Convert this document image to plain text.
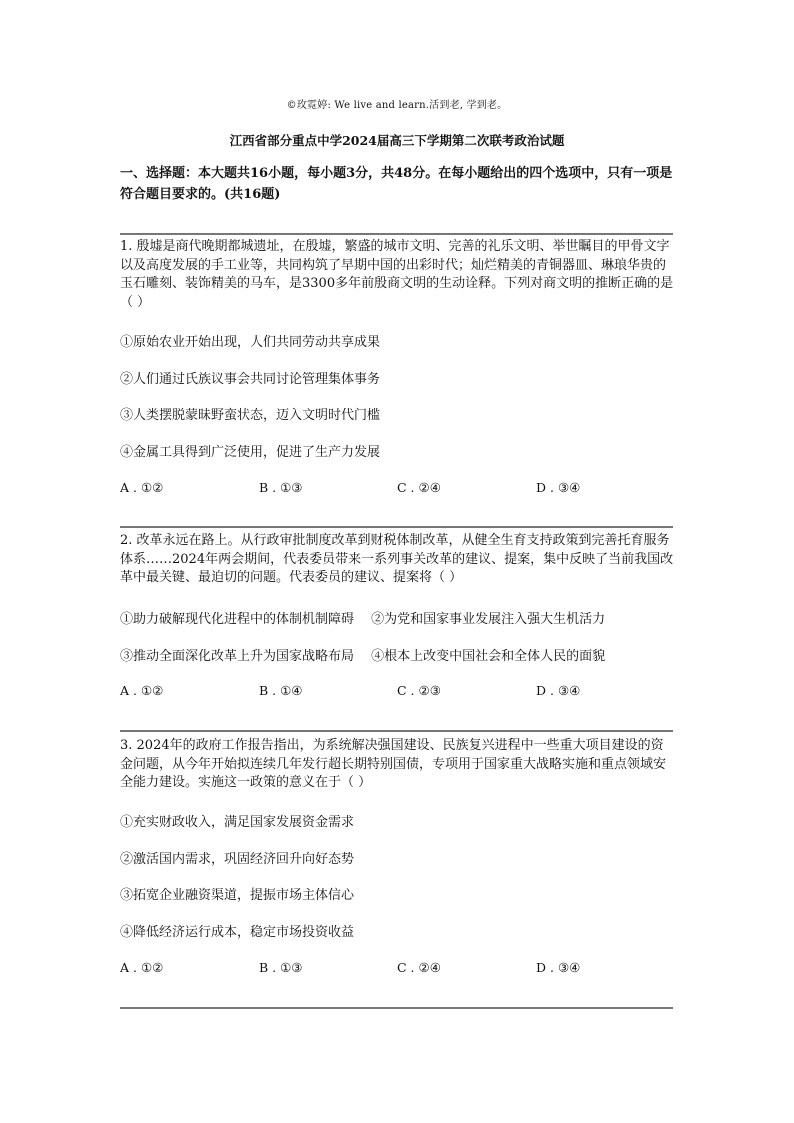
©玫霓婷: We live and learn.活到老, 学到老。
江西省部分重点中学2024届高三下学期第二次联考政治试题
一、选择题：本大题共16小题，每小题3分，共48分。在每小题给出的四个选项中，只有一项是符合题目要求的。(共16题)
1. 殷墟是商代晚期都城遗址，在殷墟，繁盛的城市文明、完善的礼乐文明、举世瞩目的甲骨文字以及高度发展的手工业等，共同构筑了早期中国的出彩时代；灿烂精美的青铜器皿、琳琅华贵的玉石雕刻、装饰精美的马车，是3300多年前殷商文明的生动诠释。下列对商文明的推断正确的是（ ）
①原始农业开始出现，人们共同劳动共享成果
②人们通过氏族议事会共同讨论管理集体事务
③人类摆脱蒙昧野蛮状态，迈入文明时代门槛
④金属工具得到广泛使用，促进了生产力发展
A . ①②	B . ①③	C . ②④	D . ③④
2. 改革永远在路上。从行政审批制度改革到财税体制改革，从健全生育支持政策到完善托育服务体系……2024年两会期间，代表委员带来一系列事关改革的建议、提案，集中反映了当前我国改革中最关键、最迫切的问题。代表委员的建议、提案将（ ）
①助力破解现代化进程中的体制机制障碍 ②为党和国家事业发展注入强大生机活力
③推动全面深化改革上升为国家战略布局 ④根本上改变中国社会和全体人民的面貌
A . ①②	B . ①④	C . ②③	D . ③④
3. 2024年的政府工作报告指出，为系统解决强国建设、民族复兴进程中一些重大项目建设的资金问题，从今年开始拟连续几年发行超长期特别国债，专项用于国家重大战略实施和重点领域安全能力建设。实施这一政策的意义在于（ ）
①充实财政收入，满足国家发展资金需求
②激活国内需求，巩固经济回升向好态势
③拓宽企业融资渠道，提振市场主体信心
④降低经济运行成本，稳定市场投资收益
A . ①②	B . ①③	C . ②④	D . ③④
